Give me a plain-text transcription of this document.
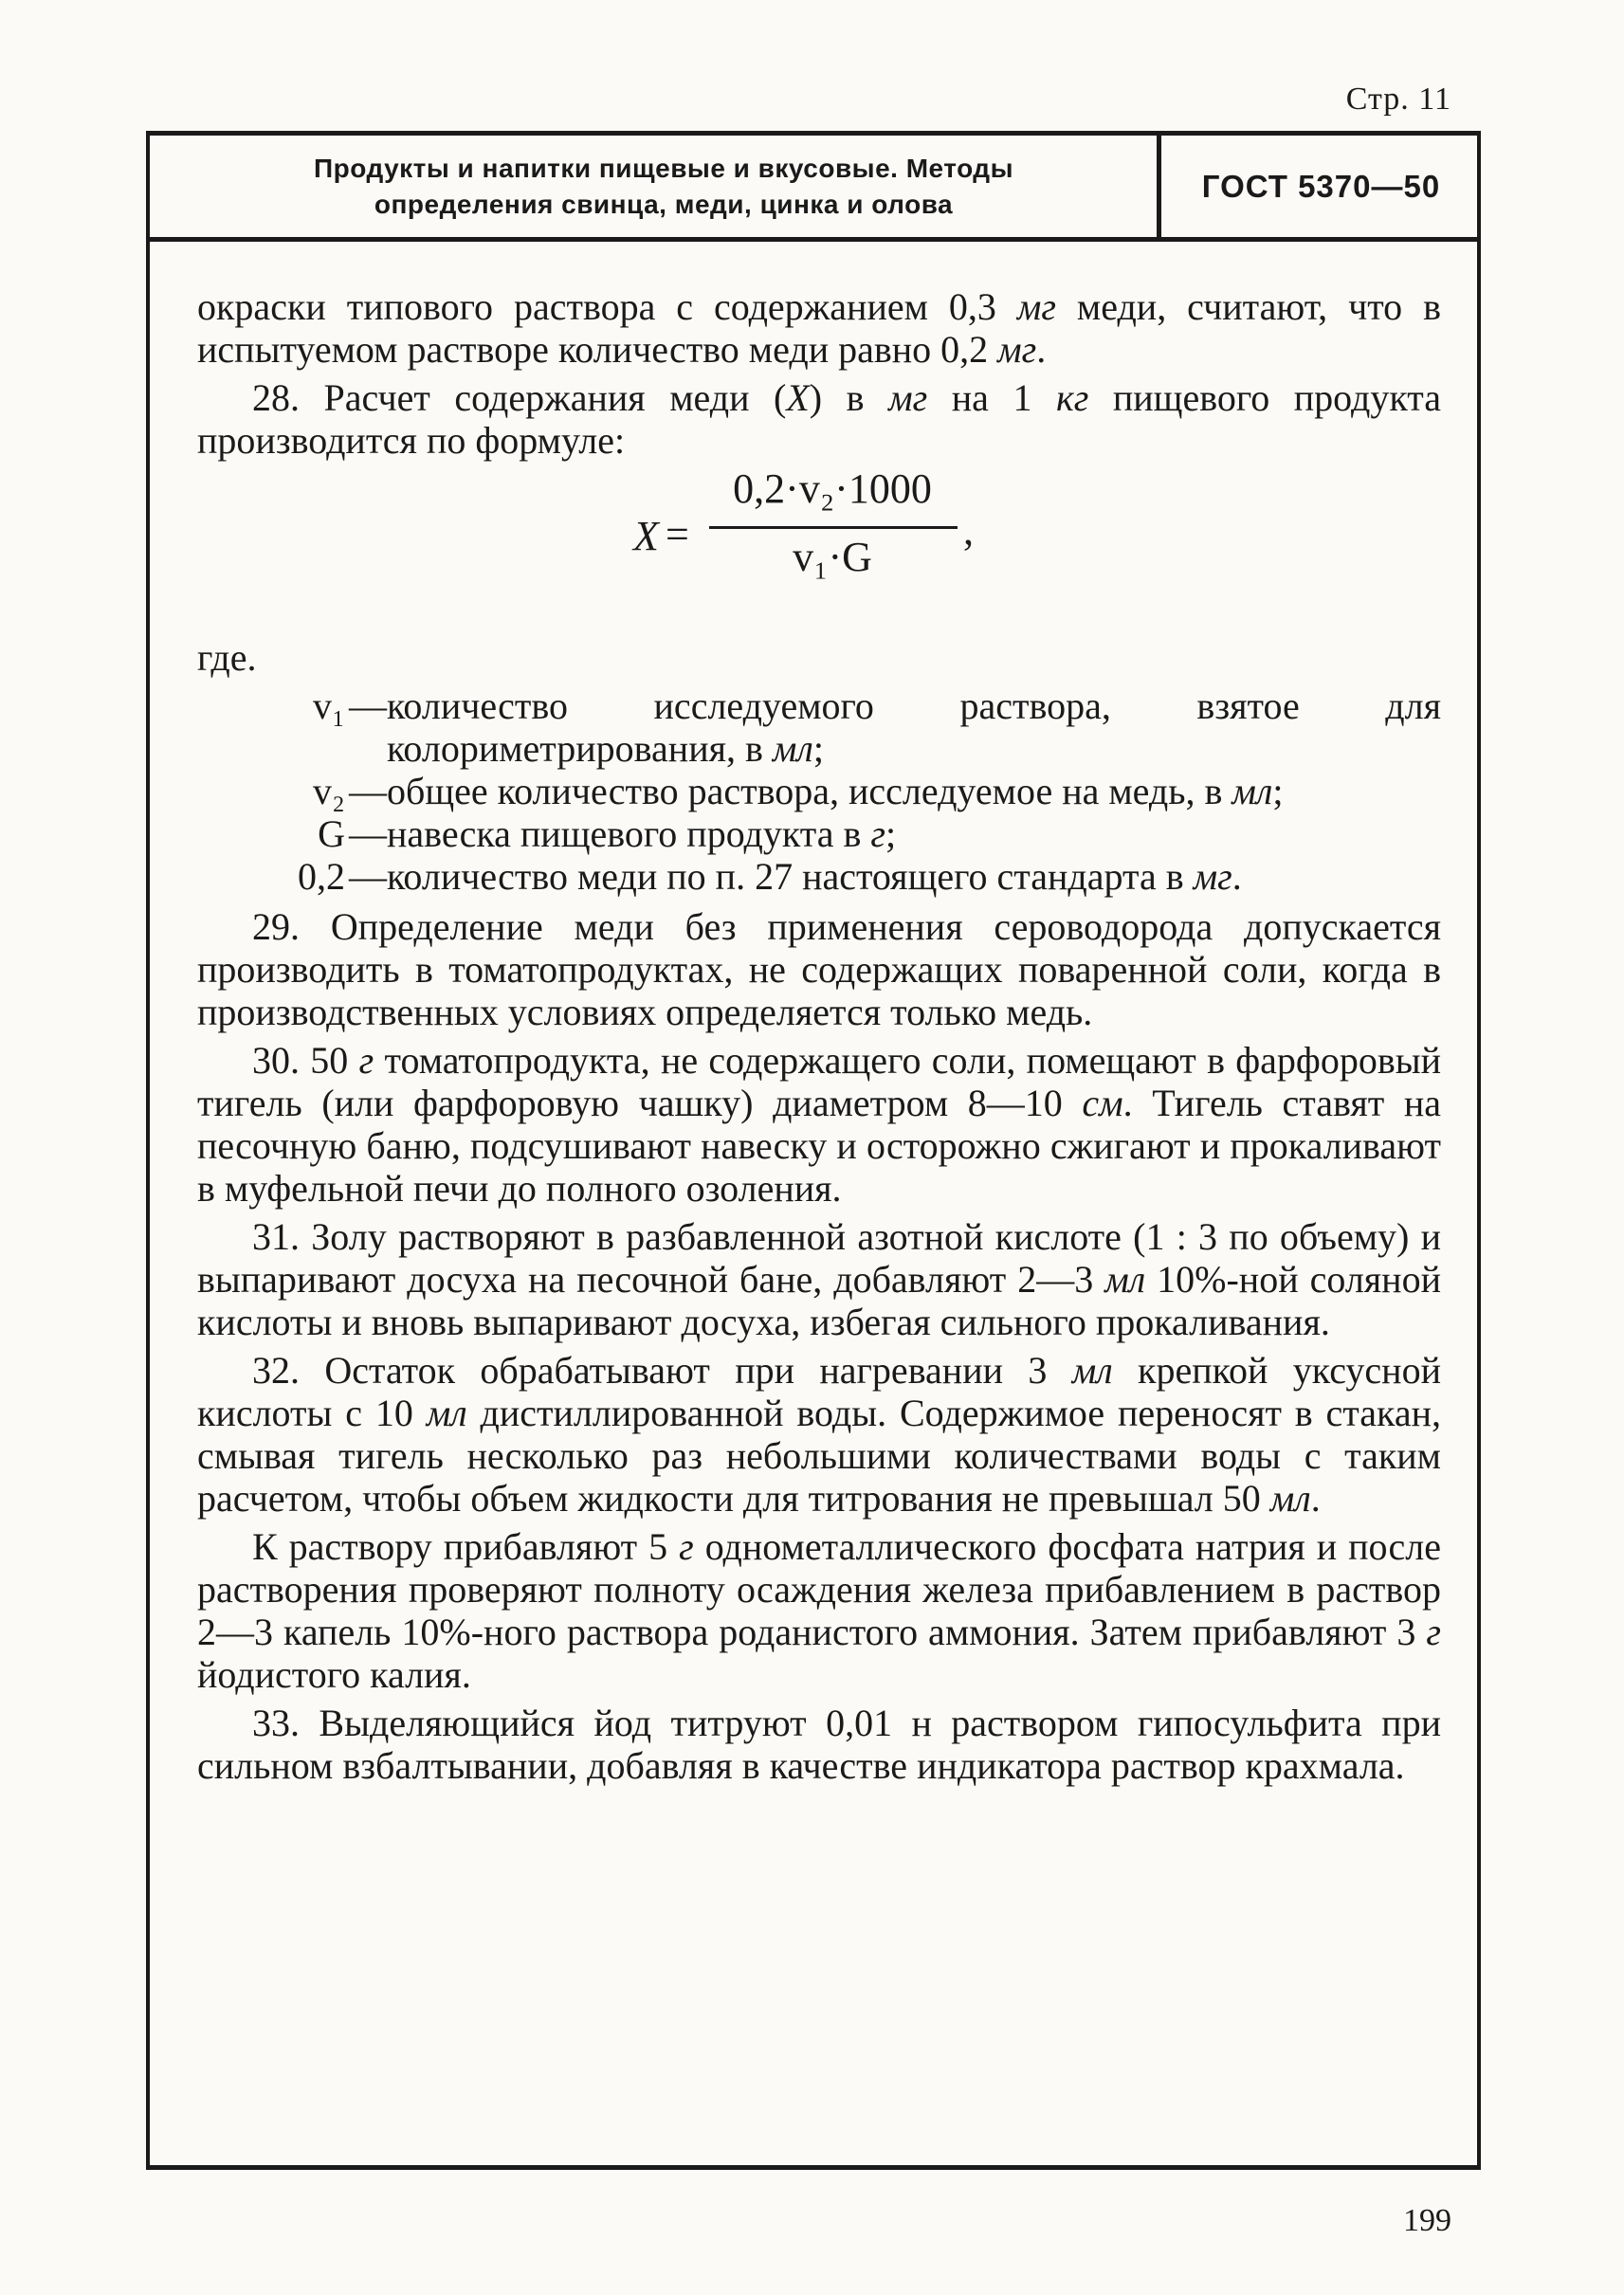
Стр. 11
Продукты и напитки пищевые и вкусовые. Методы
определения свинца, меди, цинка и олова
ГОСТ 5370—50

окраски типового раствора с содержанием 0,3 мг меди, считают, что в испытуемом растворе количество меди равно 0,2 мг.

28. Расчет содержания меди (X) в мг на 1 кг пищевого продукта производится по формуле:

X =
0,2·v₂·1000
v₁·G
,

где.

v₁ — количество исследуемого раствора, взятое для колориметрирования, в мл;
v₂ — общее количество раствора, исследуемое на медь, в мл;
G — навеска пищевого продукта в г;
0,2 — количество меди по п. 27 настоящего стандарта в мг.

29. Определение меди без применения сероводорода допускается производить в томатопродуктах, не содержащих поваренной соли, когда в производственных условиях определяется только медь.

30. 50 г томатопродукта, не содержащего соли, помещают в фарфоровый тигель (или фарфоровую чашку) диаметром 8—10 см. Тигель ставят на песочную баню, подсушивают навеску и осторожно сжигают и прокаливают в муфельной печи до полного озоления.

31. Золу растворяют в разбавленной азотной кислоте (1 : 3 по объему) и выпаривают досуха на песочной бане, добавляют 2—3 мл 10%-ной соляной кислоты и вновь выпаривают досуха, избегая сильного прокаливания.

32. Остаток обрабатывают при нагревании 3 мл крепкой уксусной кислоты с 10 мл дистиллированной воды. Содержимое переносят в стакан, смывая тигель несколько раз небольшими количествами воды с таким расчетом, чтобы объем жидкости для титрования не превышал 50 мл.

К раствору прибавляют 5 г однометаллического фосфата натрия и после растворения проверяют полноту осаждения железа прибавлением в раствор 2—3 капель 10%-ного раствора роданистого аммония. Затем прибавляют 3 г йодистого калия.

33. Выделяющийся йод титруют 0,01 н раствором гипосульфита при сильном взбалтывании, добавляя в качестве индикатора раствор крахмала.

199
